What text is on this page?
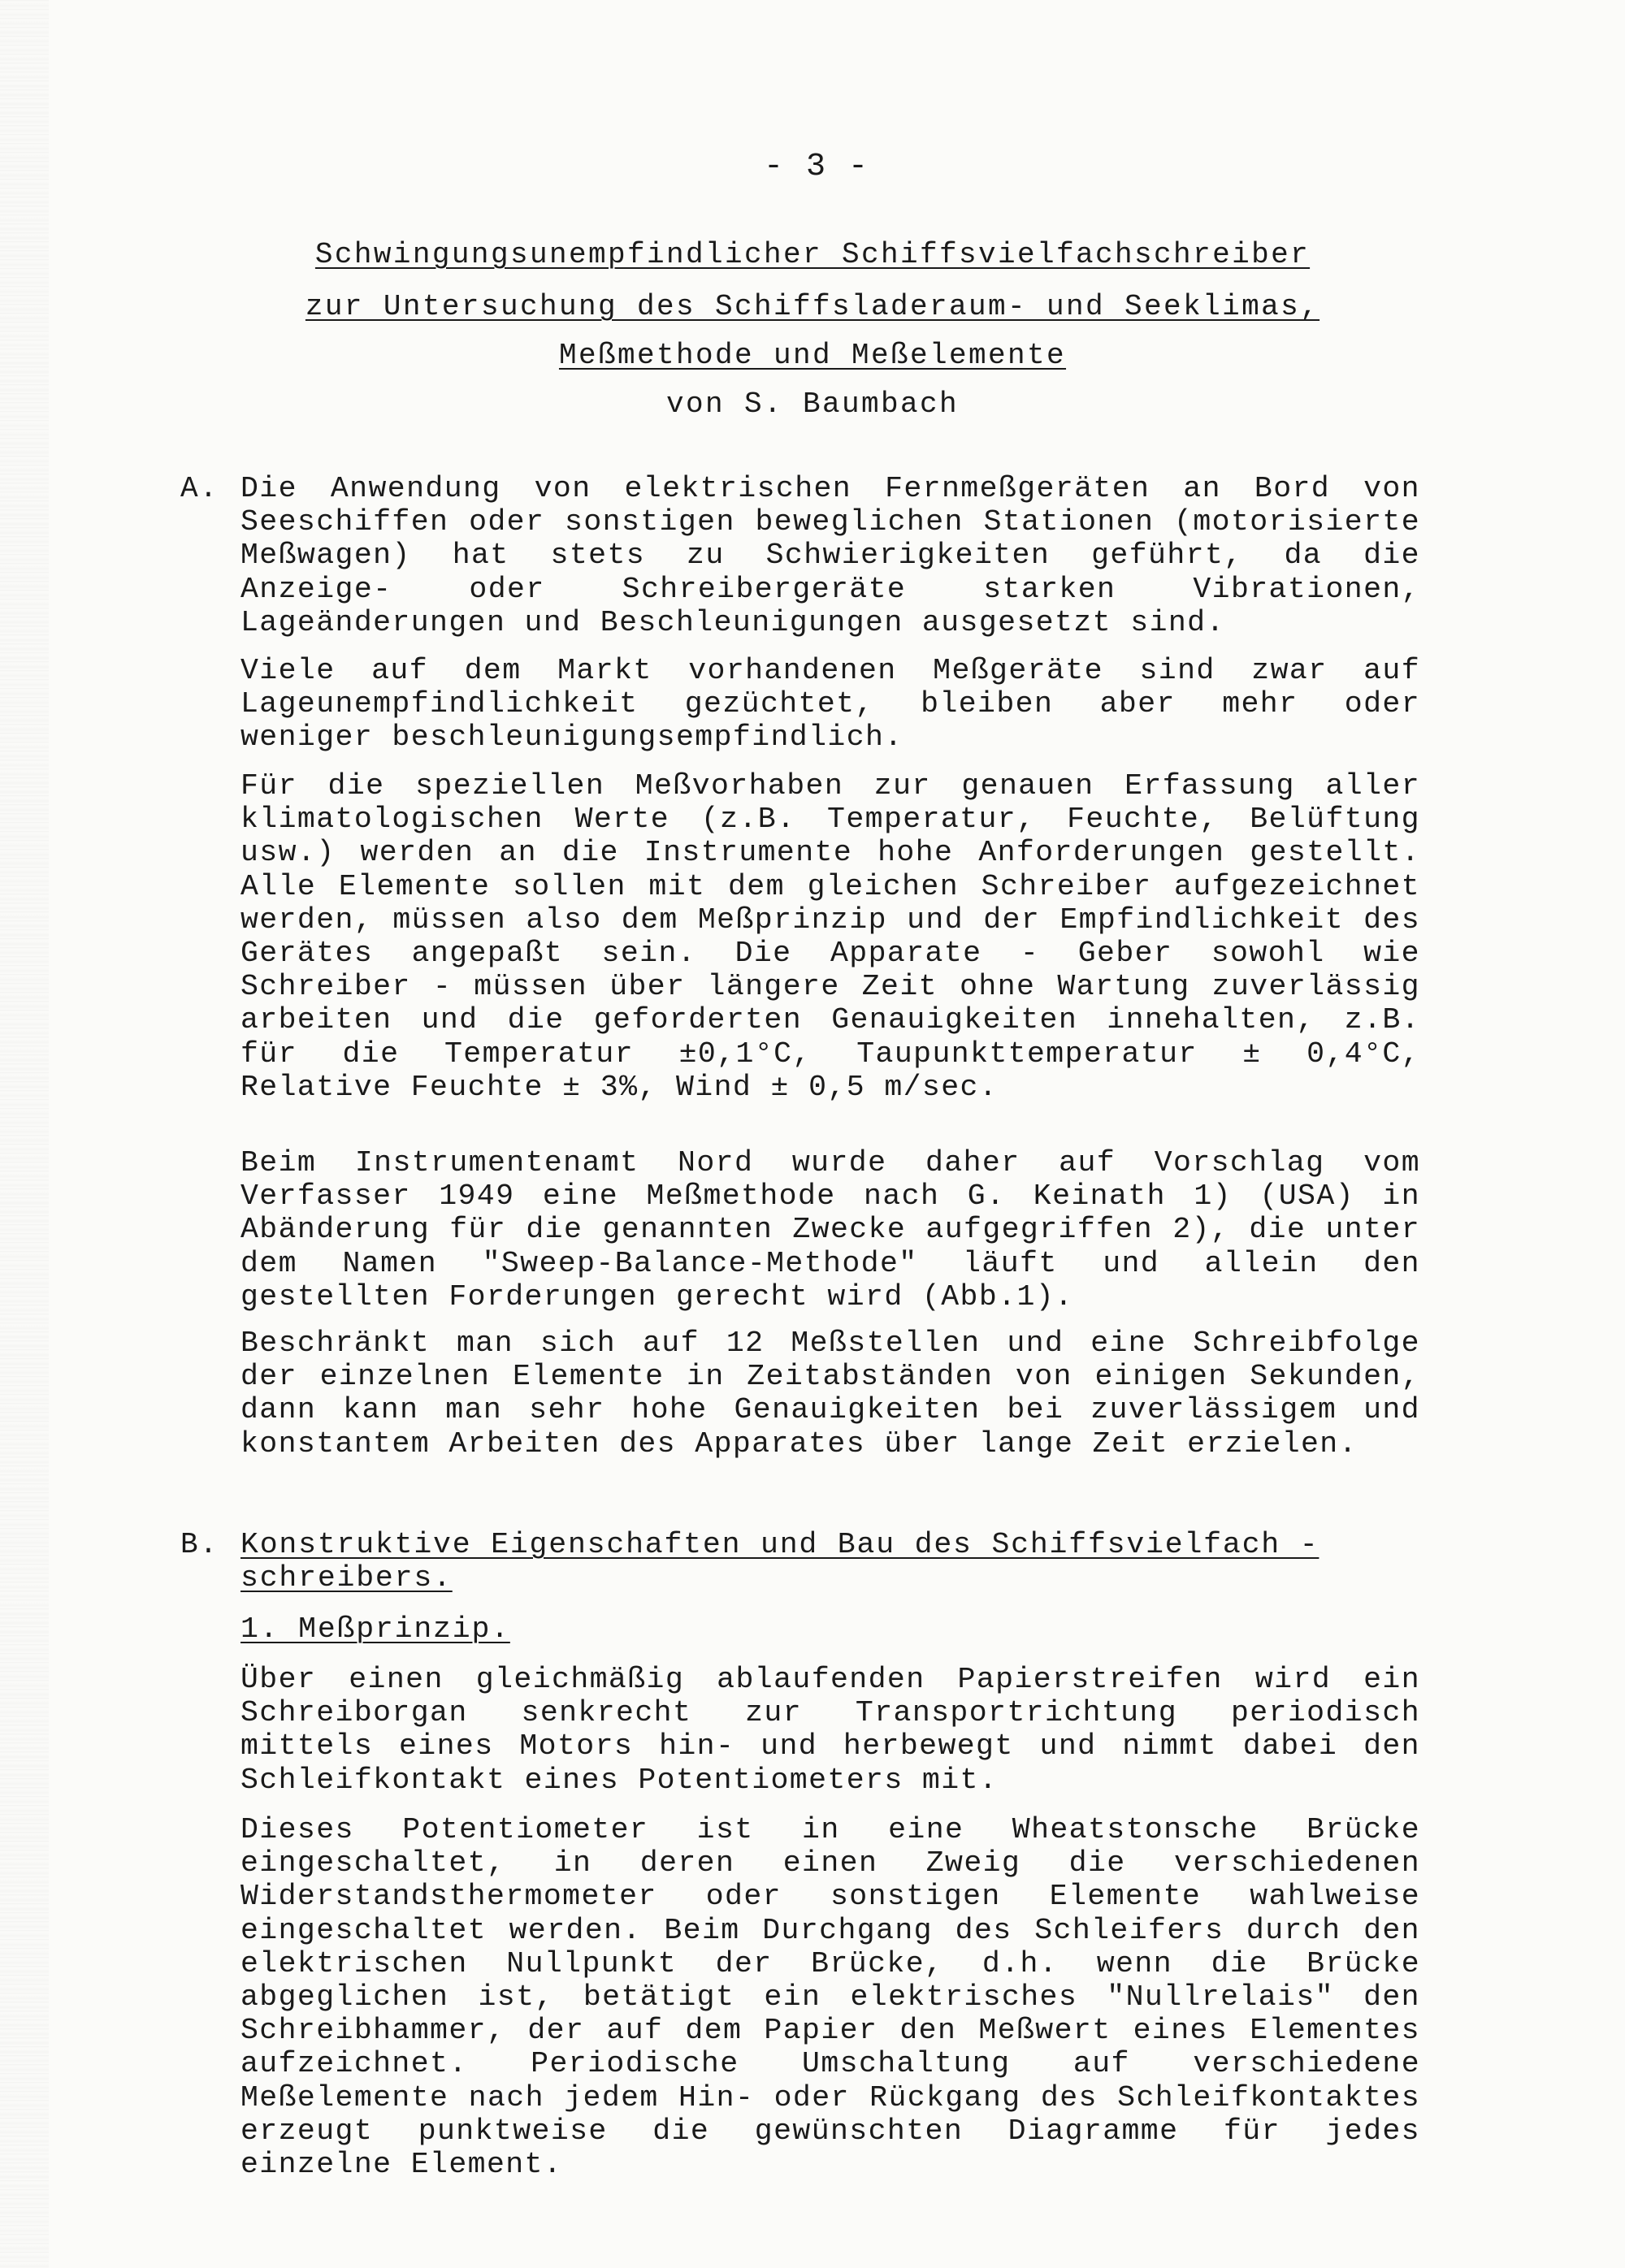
- 3 -
Schwingungsunempfindlicher Schiffsvielfachschreiber
zur Untersuchung des Schiffsladeraum- und Seeklimas,
Meßmethode und Meßelemente
von S. Baumbach
A. Die Anwendung von elektrischen Fernmeßgeräten an Bord von Seeschiffen oder sonstigen beweglichen Stationen (motorisierte Meßwagen) hat stets zu Schwierigkeiten geführt, da die Anzeige- oder Schreibergeräte starken Vibrationen, Lageänderungen und Beschleunigungen ausgesetzt sind.

Viele auf dem Markt vorhandenen Meßgeräte sind zwar auf Lageunempfindlichkeit gezüchtet, bleiben aber mehr oder weniger beschleunigungsempfindlich.

Für die speziellen Meßvorhaben zur genauen Erfassung aller klimatologischen Werte (z.B. Temperatur, Feuchte, Belüftung usw.) werden an die Instrumente hohe Anforderungen gestellt. Alle Elemente sollen mit dem gleichen Schreiber aufgezeichnet werden, müssen also dem Meßprinzip und der Empfindlichkeit des Gerätes angepaßt sein. Die Apparate - Geber sowohl wie Schreiber - müssen über längere Zeit ohne Wartung zuverlässig arbeiten und die geforderten Genauigkeiten innehalten, z.B. für die Temperatur ±0,1°C, Taupunkttemperatur ± 0,4°C, Relative Feuchte ± 3%, Wind ± 0,5 m/sec.

Beim Instrumentenamt Nord wurde daher auf Vorschlag vom Verfasser 1949 eine Meßmethode nach G. Keinath 1) (USA) in Abänderung für die genannten Zwecke aufgegriffen 2), die unter dem Namen "Sweep-Balance-Methode" läuft und allein den gestellten Forderungen gerecht wird (Abb.1).

Beschränkt man sich auf 12 Meßstellen und eine Schreibfolge der einzelnen Elemente in Zeitabständen von einigen Sekunden, dann kann man sehr hohe Genauigkeiten bei zuverlässigem und konstantem Arbeiten des Apparates über lange Zeit erzielen.

B. Konstruktive Eigenschaften und Bau des Schiffsvielfach - schreibers.
1. Meßprinzip.

Über einen gleichmäßig ablaufenden Papierstreifen wird ein Schreiborgan senkrecht zur Transportrichtung periodisch mittels eines Motors hin- und herbewegt und nimmt dabei den Schleifkontakt eines Potentiometers mit.

Dieses Potentiometer ist in eine Wheatstonsche Brücke eingeschaltet, in deren einen Zweig die verschiedenen Widerstandsthermometer oder sonstigen Elemente wahlweise eingeschaltet werden. Beim Durchgang des Schleifers durch den elektrischen Nullpunkt der Brücke, d.h. wenn die Brücke abgeglichen ist, betätigt ein elektrisches "Nullrelais" den Schreibhammer, der auf dem Papier den Meßwert eines Elementes aufzeichnet. Periodische Umschaltung auf verschiedene Meßelemente nach jedem Hin- oder Rückgang des Schleifkontaktes erzeugt punktweise die gewünschten Diagramme für jedes einzelne Element.
